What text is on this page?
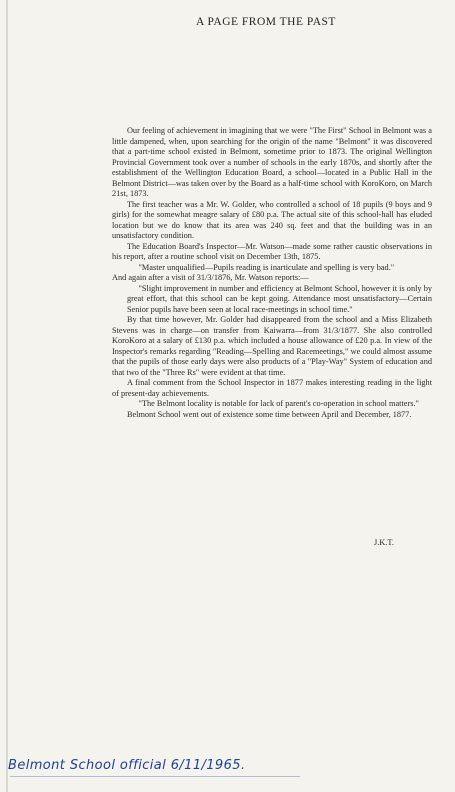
A PAGE FROM THE PAST

Our feeling of achievement in imagining that we were "The First" School in Belmont was a little dampened, when, upon searching for the origin of the name "Belmont" it was discovered that a part-time school existed in Belmont, sometime prior to 1873. The original Wellington Provincial Government took over a number of schools in the early 1870s, and shortly after the establishment of the Wellington Education Board, a school—located in a Public Hall in the Belmont District—was taken over by the Board as a half-time school with KoroKoro, on March 21st, 1873.

The first teacher was a Mr. W. Golder, who controlled a school of 18 pupils (9 boys and 9 girls) for the somewhat meagre salary of £80 p.a. The actual site of this school-hall has eluded location but we do know that its area was 240 sq. feet and that the building was in an unsatisfactory condition.

The Education Board's Inspector—Mr. Watson—made some rather caustic observations in his report, after a routine school visit on December 13th, 1875.

"Master unqualified—Pupils reading is inarticulate and spelling is very bad."

And again after a visit of 31/3/1876, Mr. Watson reports:—

"Slight improvement in number and efficiency at Belmont School, however it is only by great effort, that this school can be kept going. Attendance most unsatisfactory—Certain Senior pupils have been seen at local race-meetings in school time."

By that time however, Mr. Golder had disappeared from the school and a Miss Elizabeth Stevens was in charge—on transfer from Kaiwarra—from 31/3/1877. She also controlled KoroKoro at a salary of £130 p.a. which included a house allowance of £20 p.a. In view of the Inspector's remarks regarding "Reading—Spelling and Racemeetings," we could almost assume that the pupils of those early days were also products of a "Play-Way" System of education and that two of the "Three Rs" were evident at that time.

A final comment from the School Inspector in 1877 makes interesting reading in the light of present-day achievements.

"The Belmont locality is notable for lack of parent's co-operation in school matters."

Belmont School went out of existence some time between April and December, 1877.

J.K.T.
Belmont School official 6/11/1965.
